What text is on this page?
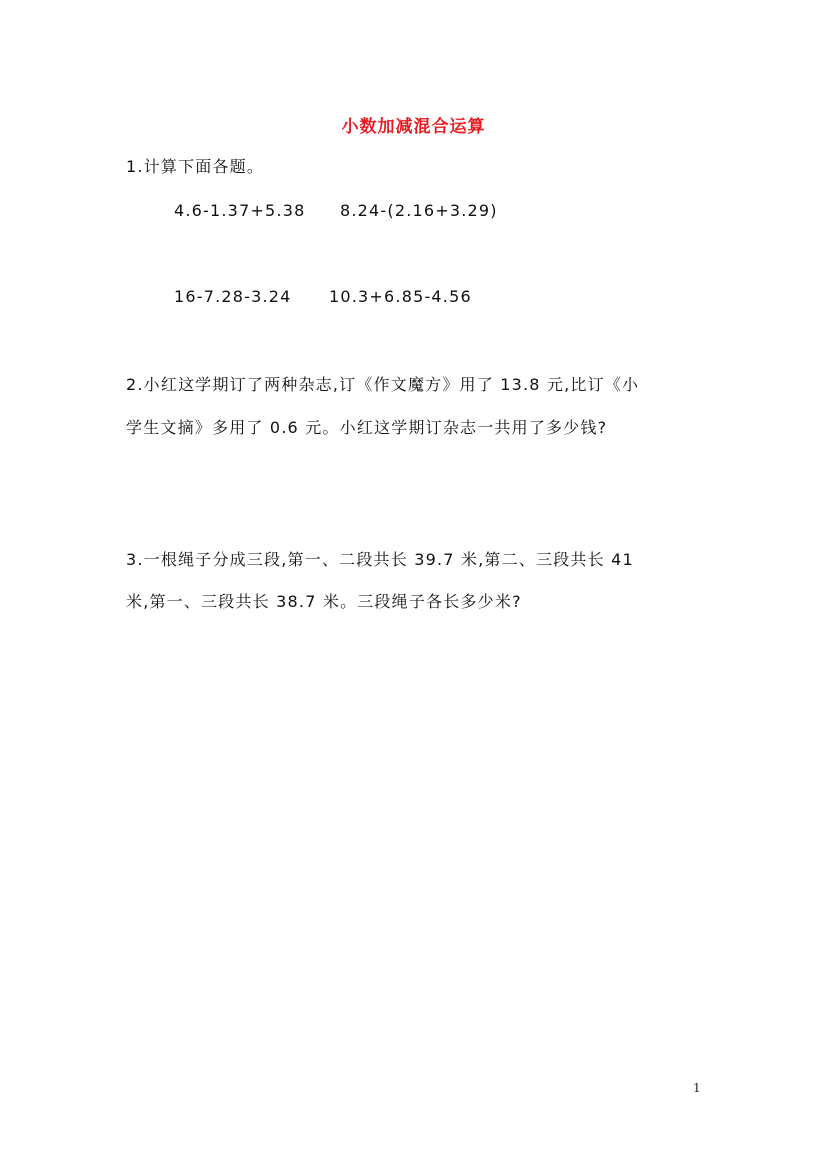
小数加减混合运算
1.计算下面各题。
4.6-1.37+5.38 8.24-(2.16+3.29)
16-7.28-3.24 10.3+6.85-4.56
2.小红这学期订了两种杂志,订《作文魔方》用了 13.8 元,比订《小
学生文摘》多用了 0.6 元。小红这学期订杂志一共用了多少钱?
3.一根绳子分成三段,第一、二段共长 39.7 米,第二、三段共长 41
米,第一、三段共长 38.7 米。三段绳子各长多少米?
1
